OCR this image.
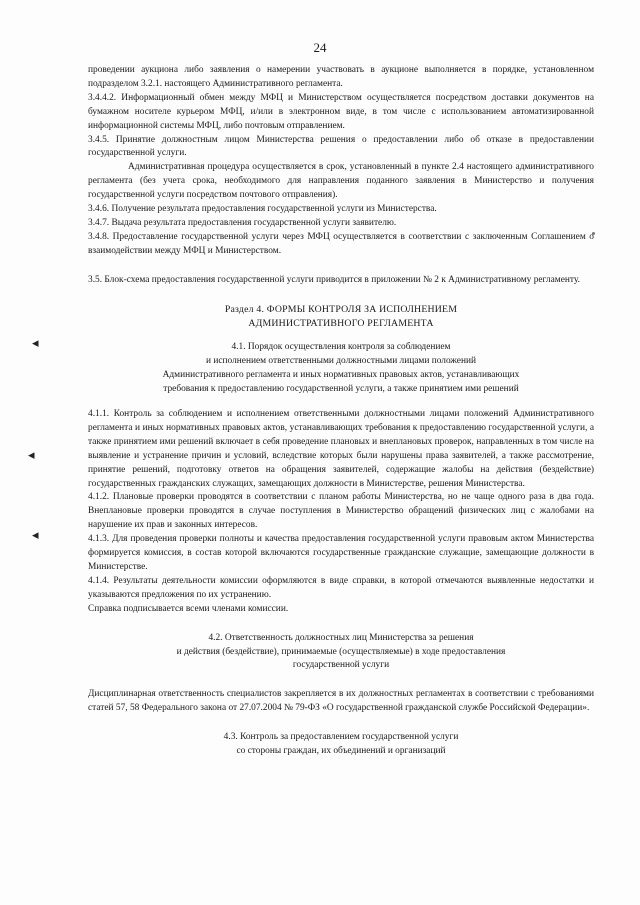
24
◂
◂
◂

проведении аукциона либо заявления о намерении участвовать в аукционе выполняется в порядке, установленном подразделом 3.2.1. настоящего Административного регламента.

3.4.4.2. Информационный обмен между МФЦ и Министерством осуществляется посредством доставки документов на бумажном носителе курьером МФЦ, и/или в электронном виде, в том числе с использованием автоматизированной информационной системы МФЦ, либо почтовым отправлением.

3.4.5. Принятие должностным лицом Министерства решения о предоставлении либо об отказе в предоставлении государственной услуги.

Административная процедура осуществляется в срок, установленный в пункте 2.4 настоящего административного регламента (без учета срока, необходимого для направления поданного заявления в Министерство и получения государственной услуги посредством почтового отправления).

3.4.6. Получение результата предоставления государственной услуги из Министерства.

3.4.7. Выдача результата предоставления государственной услуги заявителю.

3.4.8. Предоставление государственной услуги через МФЦ осуществляется в соответствии с заключенным Соглашением о взаимодействии между МФЦ и Министерством.

3.5. Блок-схема предоставления государственной услуги приводится в приложении № 2 к Административному регламенту.

Раздел 4. ФОРМЫ КОНТРОЛЯ ЗА ИСПОЛНЕНИЕМ
АДМИНИСТРАТИВНОГО РЕГЛАМЕНТА
4.1. Порядок осуществления контроля за соблюдением
и исполнением ответственными должностными лицами положений
Административного регламента и иных нормативных правовых актов, устанавливающих
требования к предоставлению государственной услуги, а также принятием ими решений

4.1.1. Контроль за соблюдением и исполнением ответственными должностными лицами положений Административного регламента и иных нормативных правовых актов, устанавливающих требования к предоставлению государственной услуги, а также принятием ими решений включает в себя проведение плановых и внеплановых проверок, направленных в том числе на выявление и устранение причин и условий, вследствие которых были нарушены права заявителей, а также рассмотрение, принятие решений, подготовку ответов на обращения заявителей, содержащие жалобы на действия (бездействие) государственных гражданских служащих, замещающих должности в Министерстве, решения Министерства.

4.1.2. Плановые проверки проводятся в соответствии с планом работы Министерства, но не чаще одного раза в два года. Внеплановые проверки проводятся в случае поступления в Министерство обращений физических лиц с жалобами на нарушение их прав и законных интересов.

4.1.3. Для проведения проверки полноты и качества предоставления государственной услуги правовым актом Министерства формируется комиссия, в состав которой включаются государственные гражданские служащие, замещающие должности в Министерстве.

4.1.4. Результаты деятельности комиссии оформляются в виде справки, в которой отмечаются выявленные недостатки и указываются предложения по их устранению.

Справка подписывается всеми членами комиссии.

4.2. Ответственность должностных лиц Министерства за решения
и действия (бездействие), принимаемые (осуществляемые) в ходе предоставления
государственной услуги

Дисциплинарная ответственность специалистов закрепляется в их должностных регламентах в соответствии с требованиями статей 57, 58 Федерального закона от 27.07.2004 № 79-ФЗ «О государственной гражданской службе Российской Федерации».

4.3. Контроль за предоставлением государственной услуги
со стороны граждан, их объединений и организаций
